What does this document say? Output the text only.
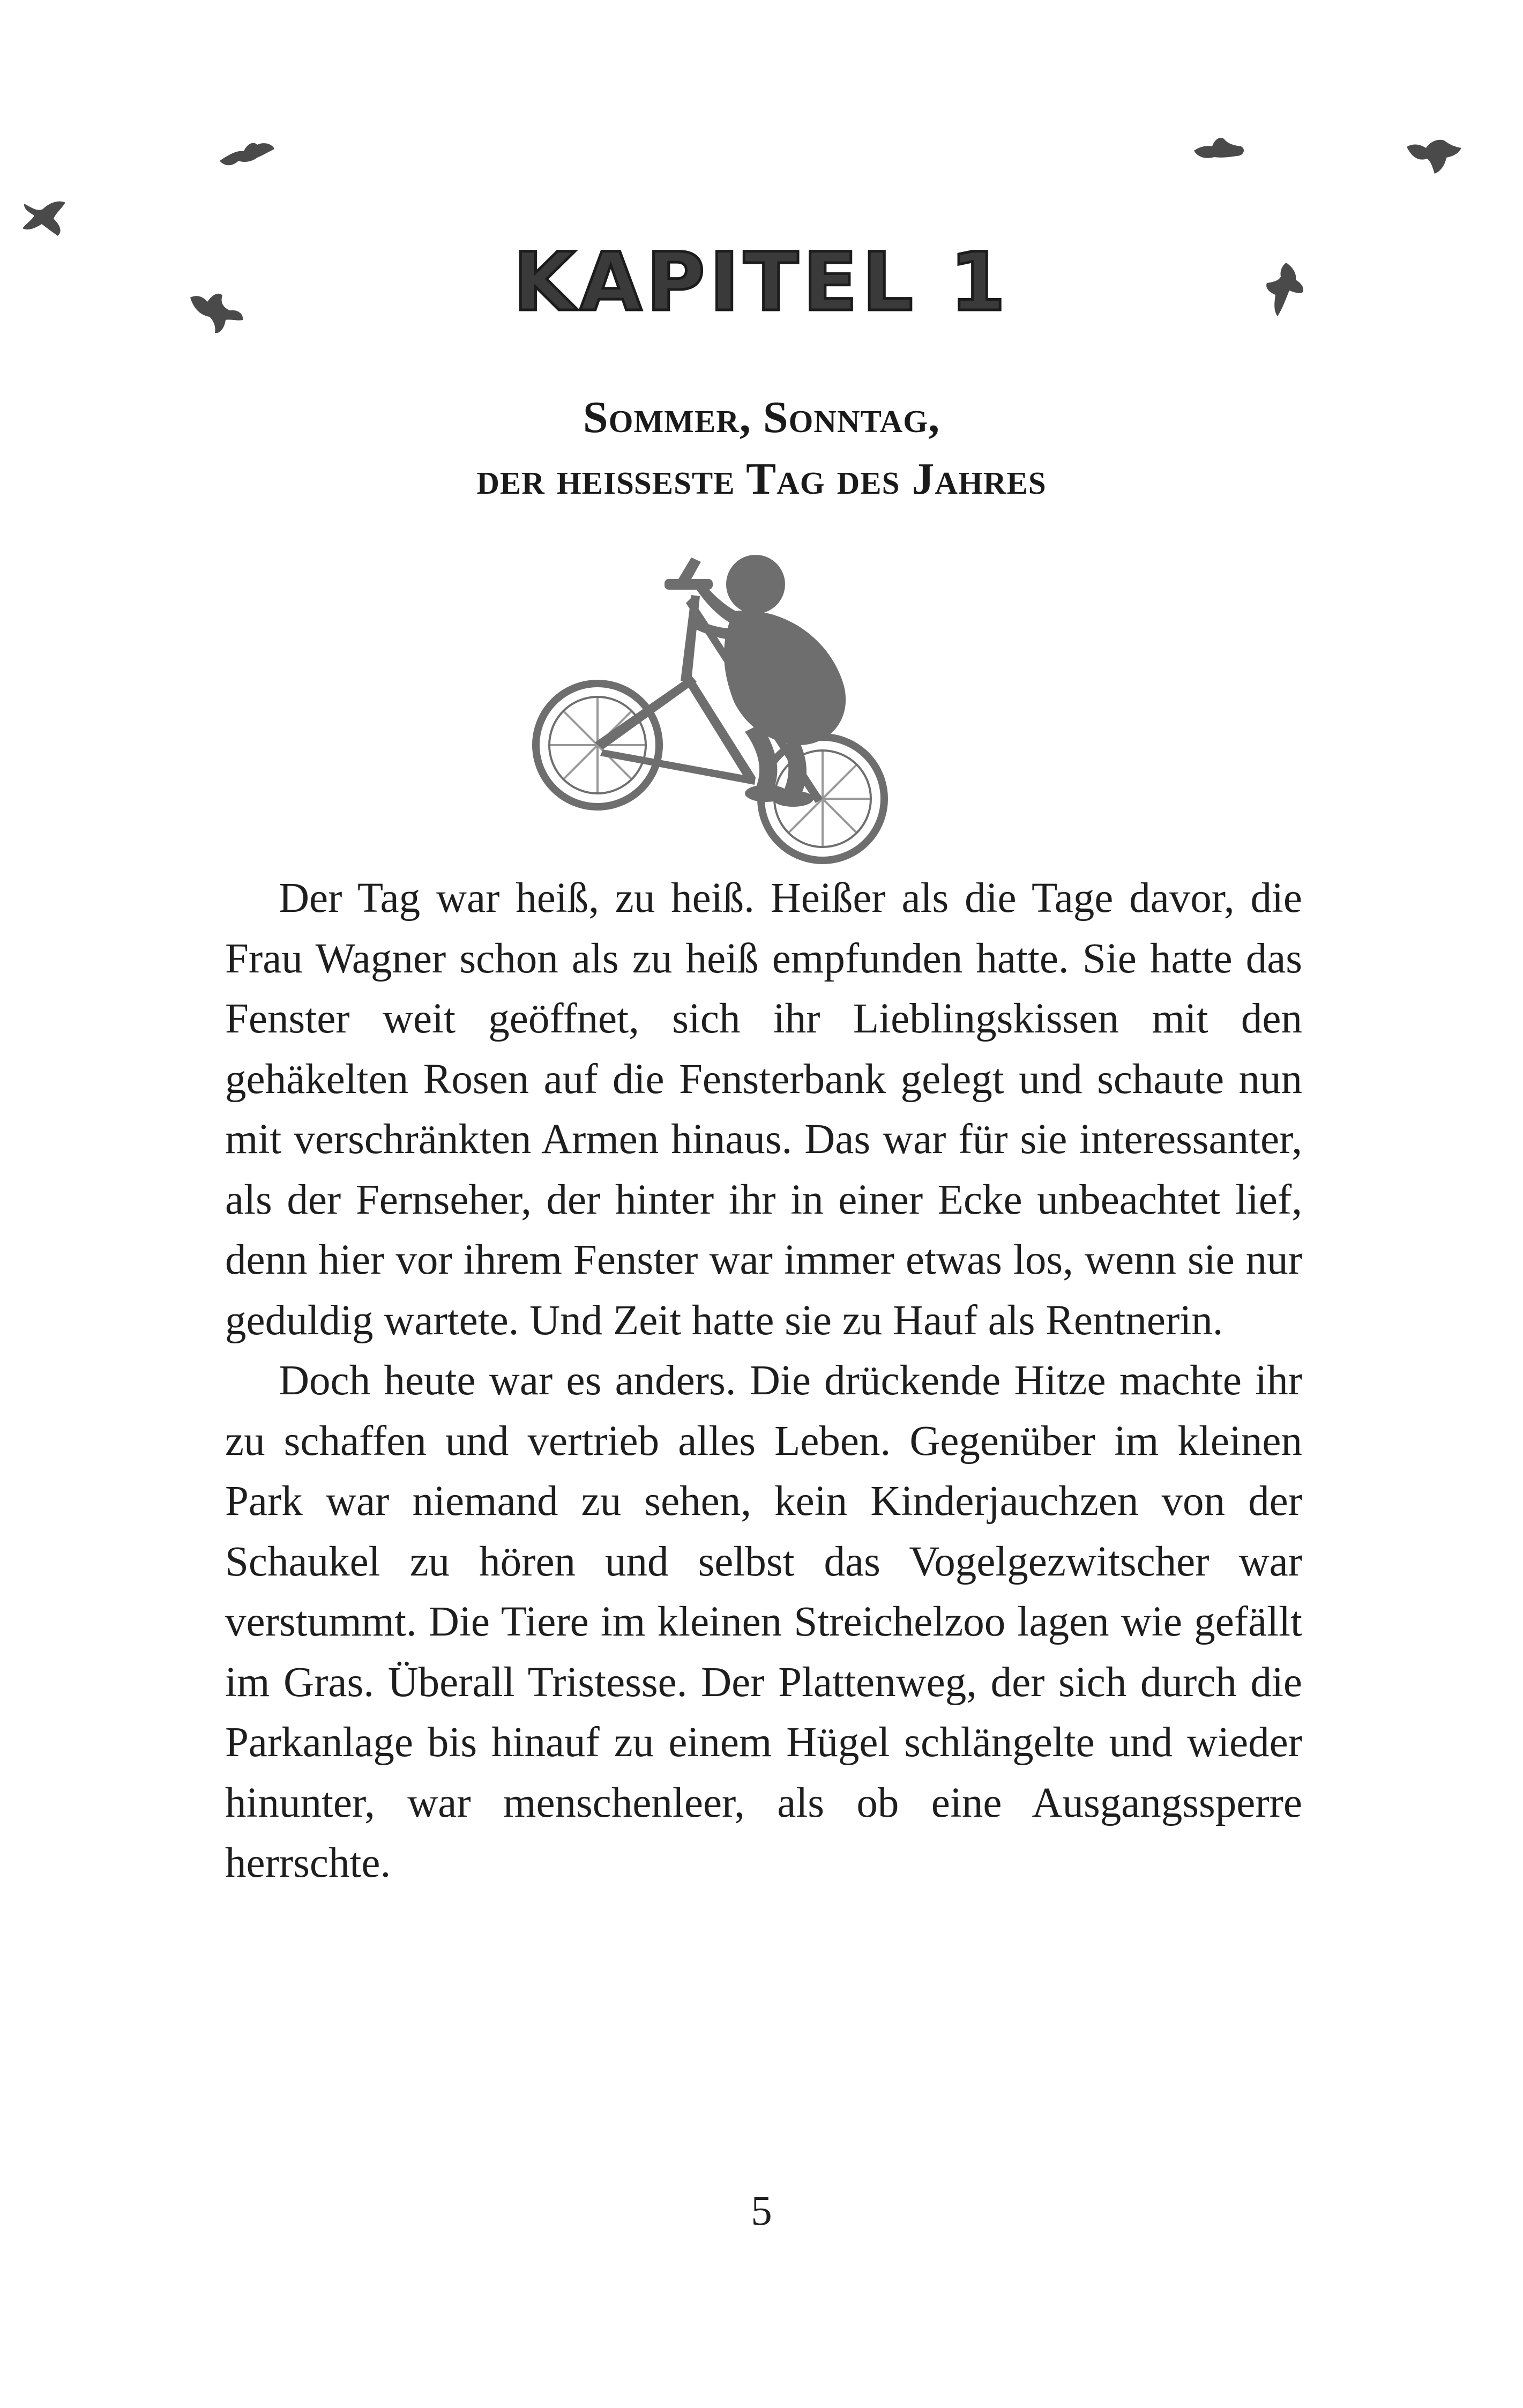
KAPITEL 1
Sommer, Sonntag,
der heißeste Tag des Jahres

Der Tag war heiß, zu heiß. Heißer als die Tage davor, die Frau Wagner schon als zu heiß empfunden hatte. Sie hatte das Fenster weit geöffnet, sich ihr Lieblingskissen mit den gehäkelten Rosen auf die Fensterbank gelegt und schaute nun mit verschränkten Armen hinaus. Das war für sie interessanter, als der Fernseher, der hinter ihr in einer Ecke unbeachtet lief, denn hier vor ihrem Fenster war immer etwas los, wenn sie nur geduldig wartete. Und Zeit hatte sie zu Hauf als Rentnerin.

Doch heute war es anders. Die drückende Hitze machte ihr zu schaffen und vertrieb alles Leben. Gegenüber im kleinen Park war niemand zu sehen, kein Kinderjauchzen von der Schaukel zu hören und selbst das Vogelgezwitscher war verstummt. Die Tiere im kleinen Streichelzoo lagen wie gefällt im Gras. Überall Tristesse. Der Plattenweg, der sich durch die Parkanlage bis hinauf zu einem Hügel schlängelte und wieder hinunter, war menschenleer, als ob eine Ausgangssperre herrschte.

5
